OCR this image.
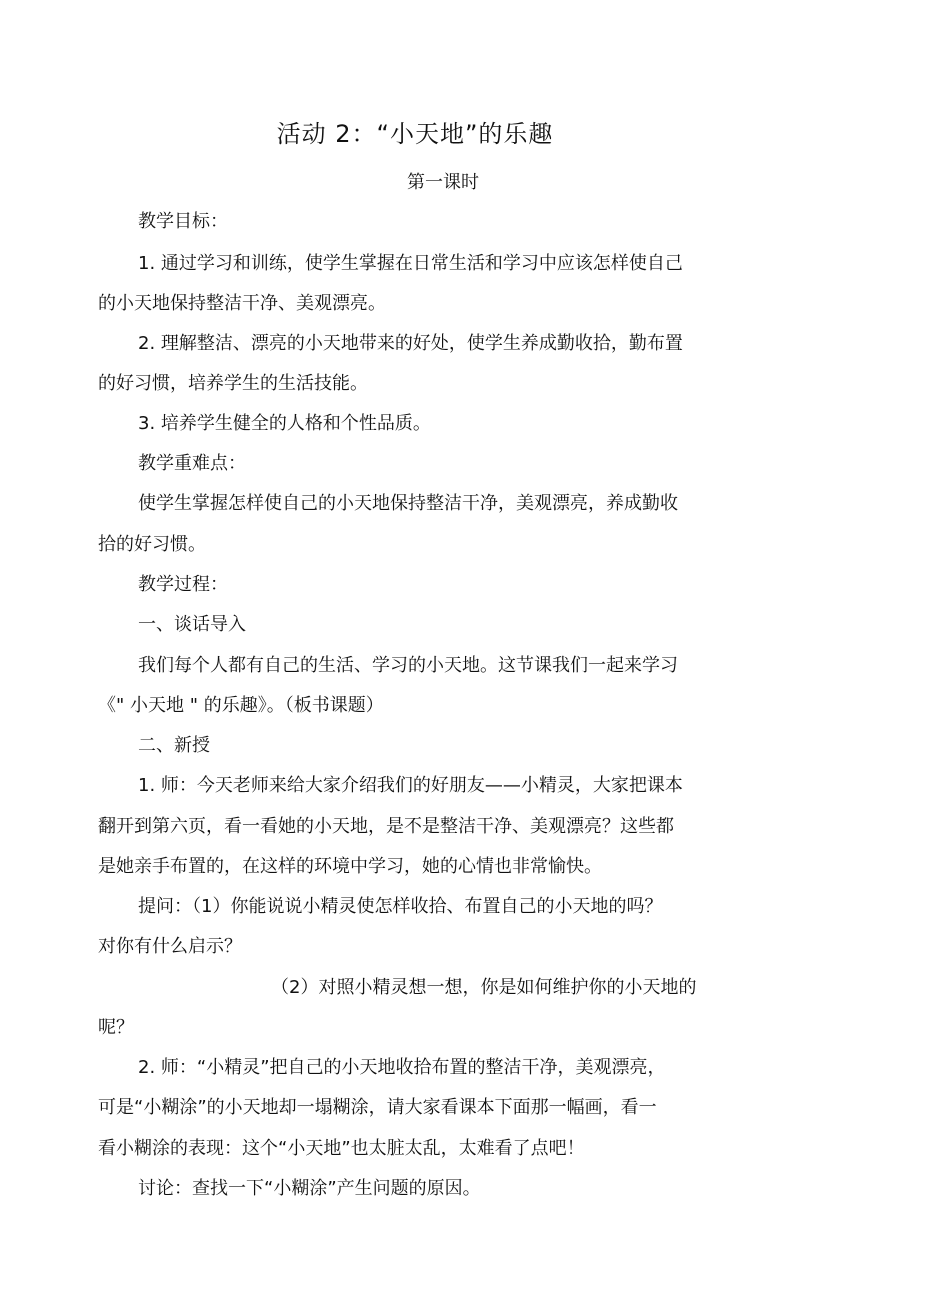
活动 2：“小天地”的乐趣
第一课时
教学目标：
1. 通过学习和训练，使学生掌握在日常生活和学习中应该怎样使自己
的小天地保持整洁干净、美观漂亮。
2. 理解整洁、漂亮的小天地带来的好处，使学生养成勤收拾，勤布置
的好习惯，培养学生的生活技能。
3. 培养学生健全的人格和个性品质。
教学重难点：
使学生掌握怎样使自己的小天地保持整洁干净，美观漂亮，养成勤收
拾的好习惯。
教学过程：
一、谈话导入
我们每个人都有自己的生活、学习的小天地。这节课我们一起来学习
《" 小天地 " 的乐趣》。（板书课题）
二、新授
1. 师：今天老师来给大家介绍我们的好朋友——小精灵，大家把课本
翻开到第六页，看一看她的小天地，是不是整洁干净、美观漂亮？这些都
是她亲手布置的，在这样的环境中学习，她的心情也非常愉快。
提问：（1）你能说说小精灵使怎样收拾、布置自己的小天地的吗？
对你有什么启示？
（2）对照小精灵想一想，你是如何维护你的小天地的
呢？
2. 师：“小精灵”把自己的小天地收拾布置的整洁干净，美观漂亮，
可是“小糊涂”的小天地却一塌糊涂，请大家看课本下面那一幅画，看一
看小糊涂的表现：这个“小天地”也太脏太乱，太难看了点吧！
讨论：查找一下“小糊涂”产生问题的原因。
